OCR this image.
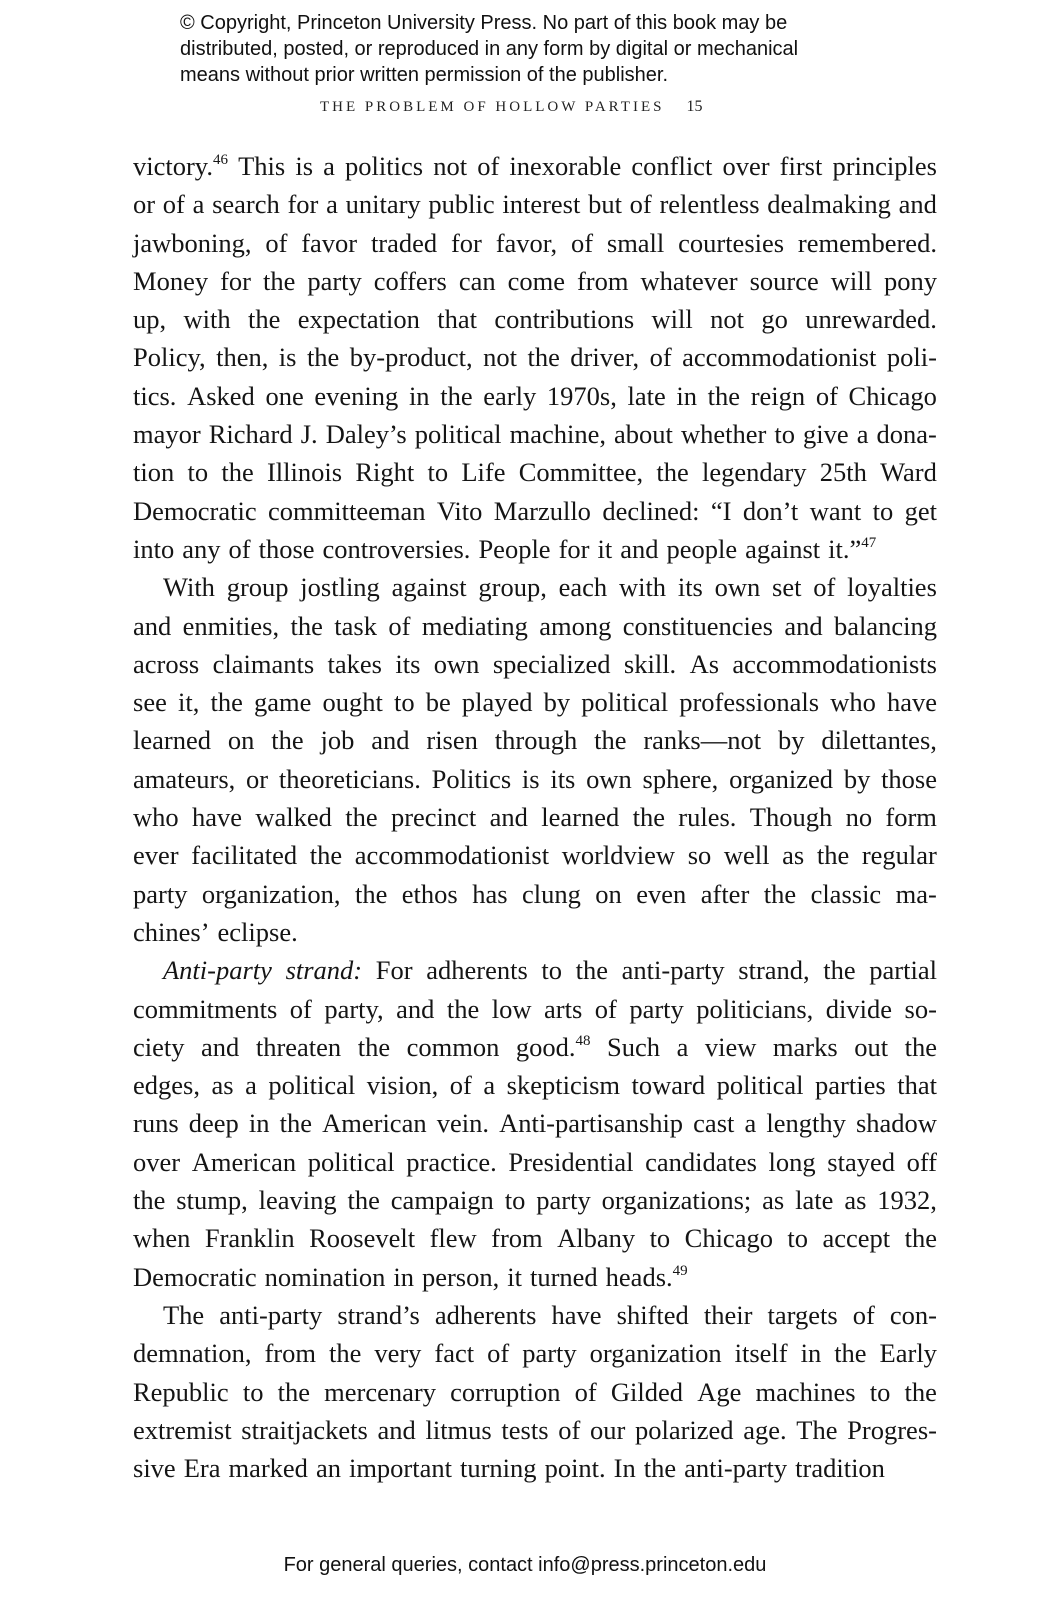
© Copyright, Princeton University Press. No part of this book may be
distributed, posted, or reproduced in any form by digital or mechanical
means without prior written permission of the publisher.
THE PROBLEM OF HOLLOW PARTIES 15
victory.$^{46}$ This is a politics not of inexorable conflict over first principles
or of a search for a unitary public interest but of relentless dealmaking and
jawboning, of favor traded for favor, of small courtesies remembered.
Money for the party coffers can come from whatever source will pony
up, with the expectation that contributions will not go unrewarded.
Policy, then, is the by-product, not the driver, of accommodationist poli-
tics. Asked one evening in the early 1970s, late in the reign of Chicago
mayor Richard J. Daley’s political machine, about whether to give a dona-
tion to the Illinois Right to Life Committee, the legendary 25th Ward
Democratic committeeman Vito Marzullo declined: “I don’t want to get
into any of those controversies. People for it and people against it.”$^{47}$
With group jostling against group, each with its own set of loyalties
and enmities, the task of mediating among constituencies and balancing
across claimants takes its own specialized skill. As accommodationists
see it, the game ought to be played by political professionals who have
learned on the job and risen through the ranks—not by dilettantes,
amateurs, or theoreticians. Politics is its own sphere, organized by those
who have walked the precinct and learned the rules. Though no form
ever facilitated the accommodationist worldview so well as the regular
party organization, the ethos has clung on even after the classic ma-
chines’ eclipse.
Anti-party strand: For adherents to the anti-party strand, the partial
commitments of party, and the low arts of party politicians, divide so-
ciety and threaten the common good.$^{48}$ Such a view marks out the
edges, as a political vision, of a skepticism toward political parties that
runs deep in the American vein. Anti-partisanship cast a lengthy shadow
over American political practice. Presidential candidates long stayed off
the stump, leaving the campaign to party organizations; as late as 1932,
when Franklin Roosevelt flew from Albany to Chicago to accept the
Democratic nomination in person, it turned heads.$^{49}$
The anti-party strand’s adherents have shifted their targets of con-
demnation, from the very fact of party organization itself in the Early
Republic to the mercenary corruption of Gilded Age machines to the
extremist straitjackets and litmus tests of our polarized age. The Progres-
sive Era marked an important turning point. In the anti-party tradition
For general queries, contact info@press.princeton.edu
